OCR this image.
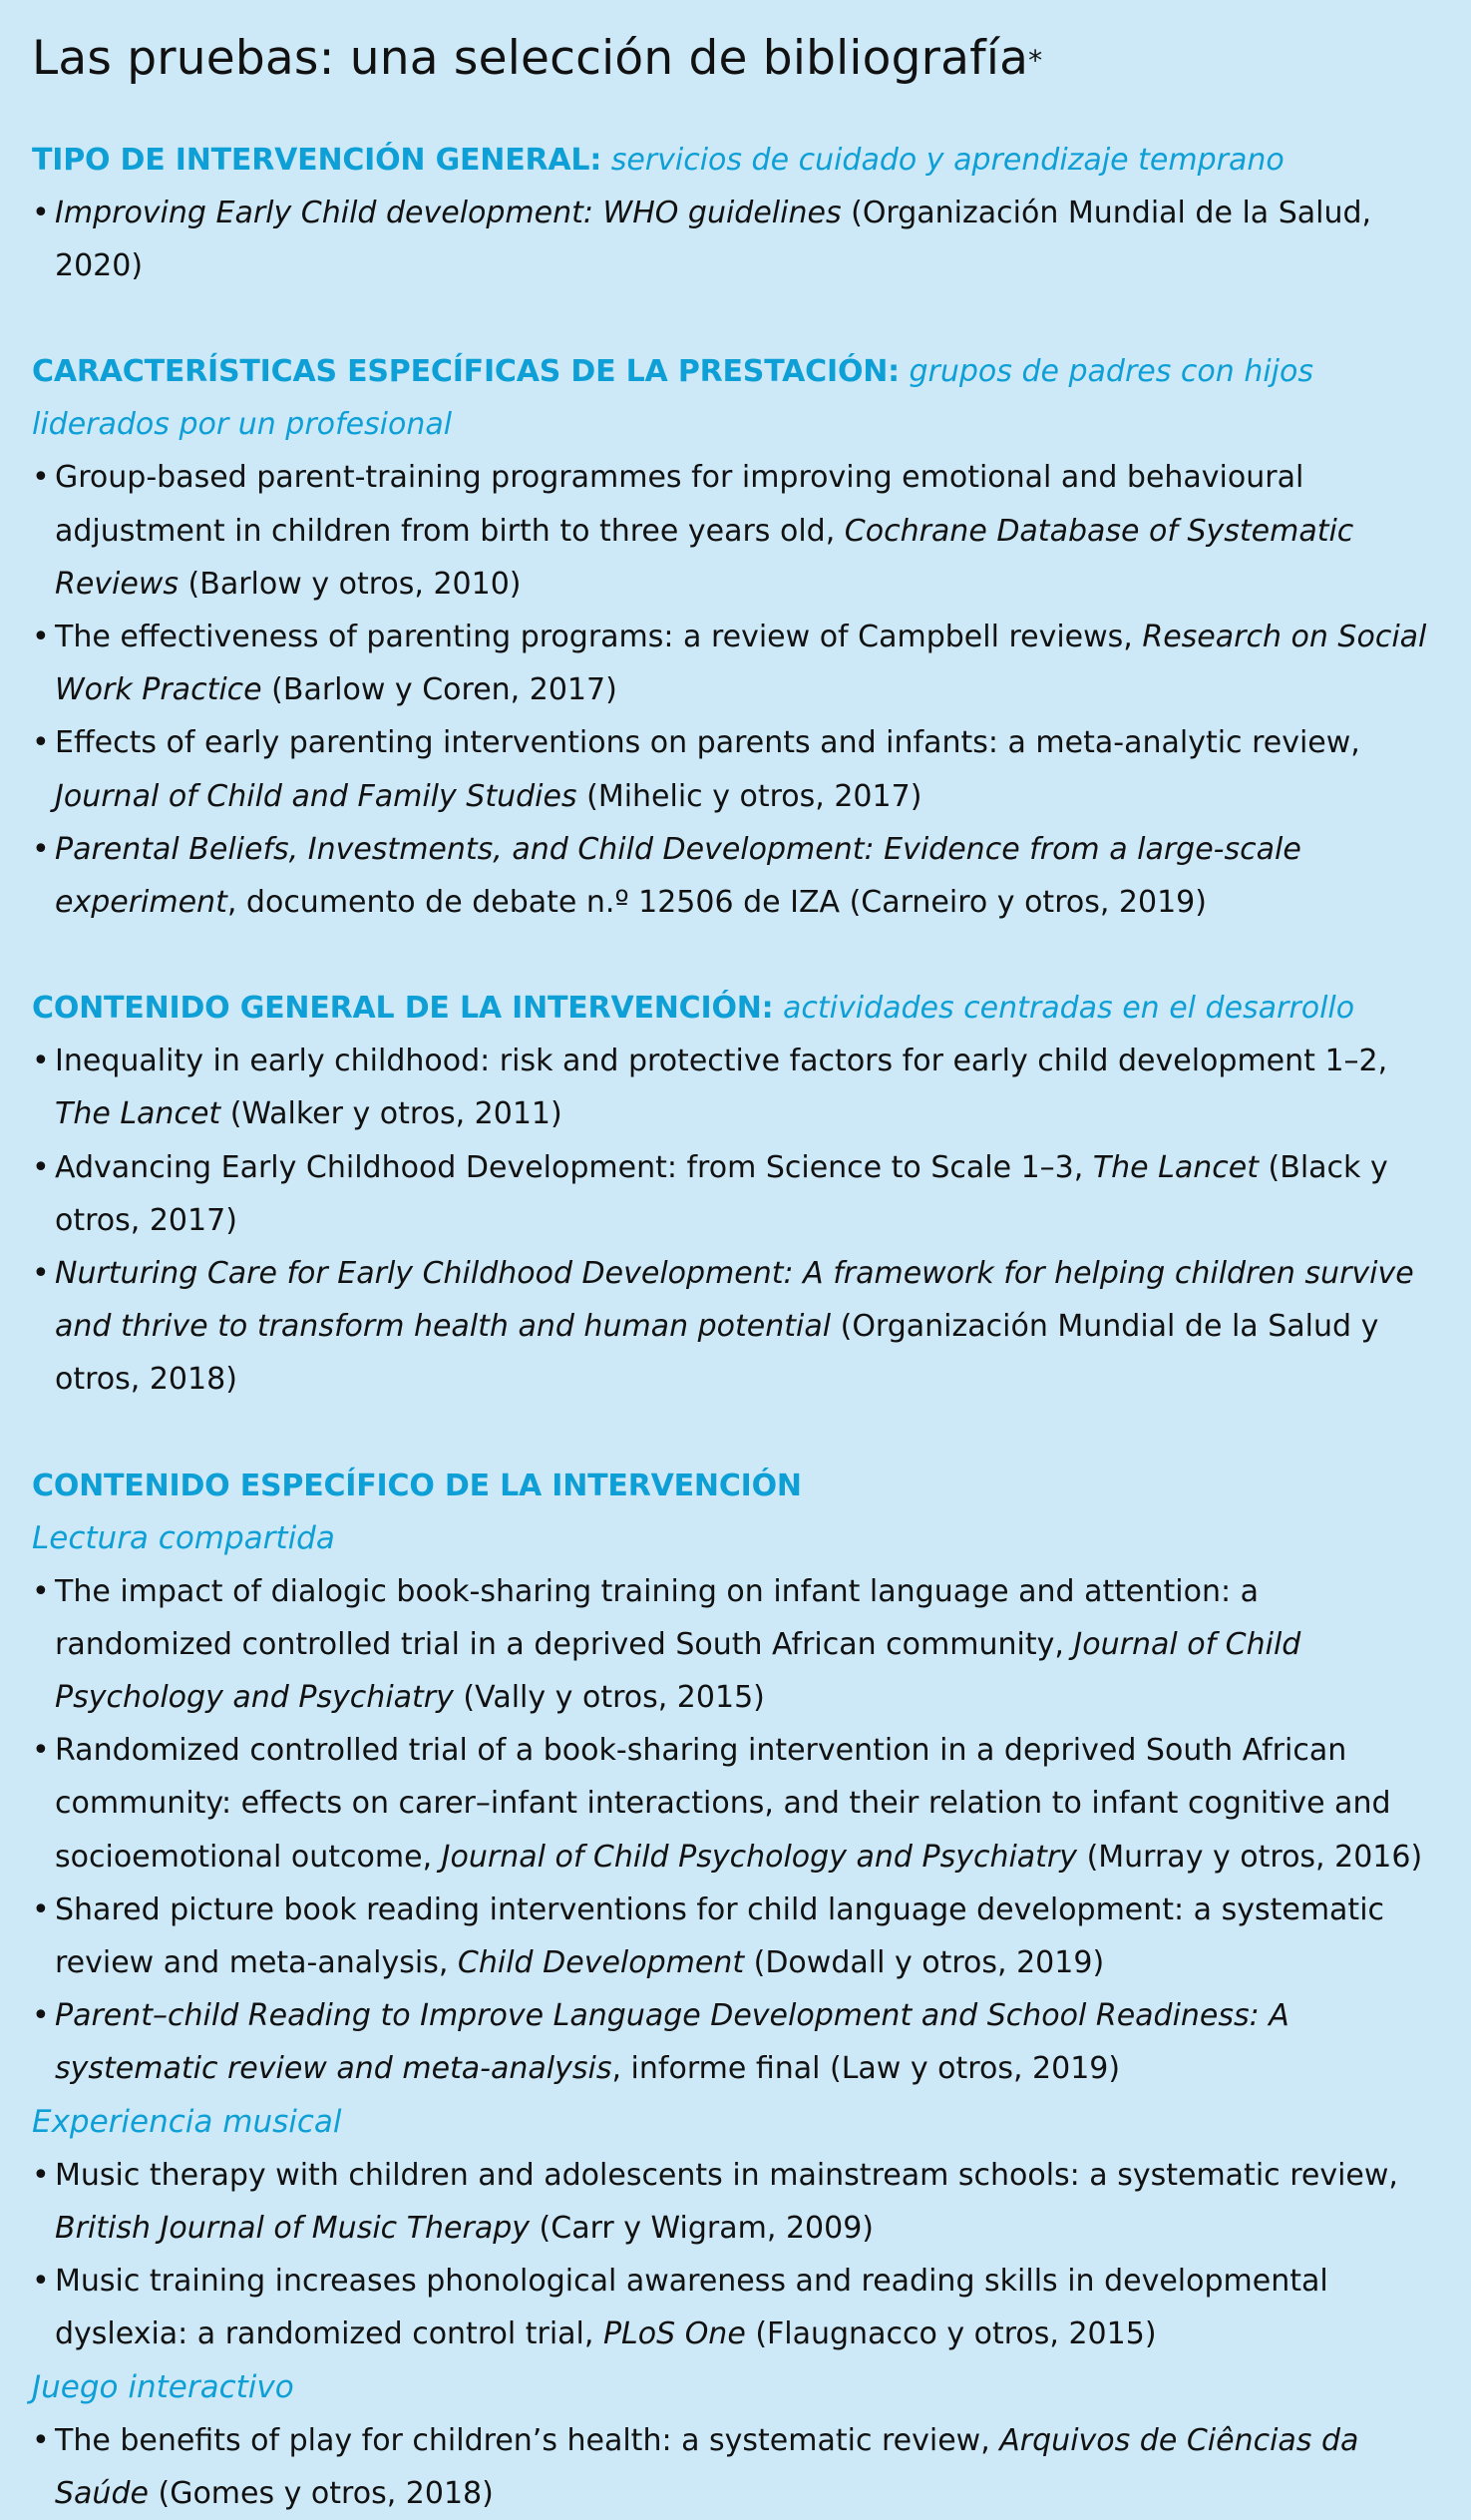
Las pruebas: una selección de bibliografía*

TIPO DE INTERVENCIÓN GENERAL: servicios de cuidado y aprendizaje temprano

• Improving Early Child development: WHO guidelines (Organización Mundial de la Salud, 2020)

CARACTERÍSTICAS ESPECÍFICAS DE LA PRESTACIÓN: grupos de padres con hijos liderados por un profesional

• Group-based parent-training programmes for improving emotional and behavioural adjustment in children from birth to three years old, Cochrane Database of Systematic Reviews (Barlow y otros, 2010)
• The effectiveness of parenting programs: a review of Campbell reviews, Research on Social Work Practice (Barlow y Coren, 2017)
• Effects of early parenting interventions on parents and infants: a meta-analytic review, Journal of Child and Family Studies (Mihelic y otros, 2017)
• Parental Beliefs, Investments, and Child Development: Evidence from a large-scale experiment, documento de debate n.º 12506 de IZA (Carneiro y otros, 2019)

CONTENIDO GENERAL DE LA INTERVENCIÓN: actividades centradas en el desarrollo

• Inequality in early childhood: risk and protective factors for early child development 1–2, The Lancet (Walker y otros, 2011)
• Advancing Early Childhood Development: from Science to Scale 1–3, The Lancet (Black y otros, 2017)
• Nurturing Care for Early Childhood Development: A framework for helping children survive and thrive to transform health and human potential (Organización Mundial de la Salud y otros, 2018)

CONTENIDO ESPECÍFICO DE LA INTERVENCIÓN

Lectura compartida

• The impact of dialogic book-sharing training on infant language and attention: a randomized controlled trial in a deprived South African community, Journal of Child Psychology and Psychiatry (Vally y otros, 2015)
• Randomized controlled trial of a book-sharing intervention in a deprived South African community: effects on carer–infant interactions, and their relation to infant cognitive and socioemotional outcome, Journal of Child Psychology and Psychiatry (Murray y otros, 2016)
• Shared picture book reading interventions for child language development: a systematic review and meta-analysis, Child Development (Dowdall y otros, 2019)
• Parent–child Reading to Improve Language Development and School Readiness: A systematic review and meta-analysis, informe final (Law y otros, 2019)

Experiencia musical

• Music therapy with children and adolescents in mainstream schools: a systematic review, British Journal of Music Therapy (Carr y Wigram, 2009)
• Music training increases phonological awareness and reading skills in developmental dyslexia: a randomized control trial, PLoS One (Flaugnacco y otros, 2015)

Juego interactivo

• The benefits of play for children’s health: a systematic review, Arquivos de Ciências da Saúde (Gomes y otros, 2018)
